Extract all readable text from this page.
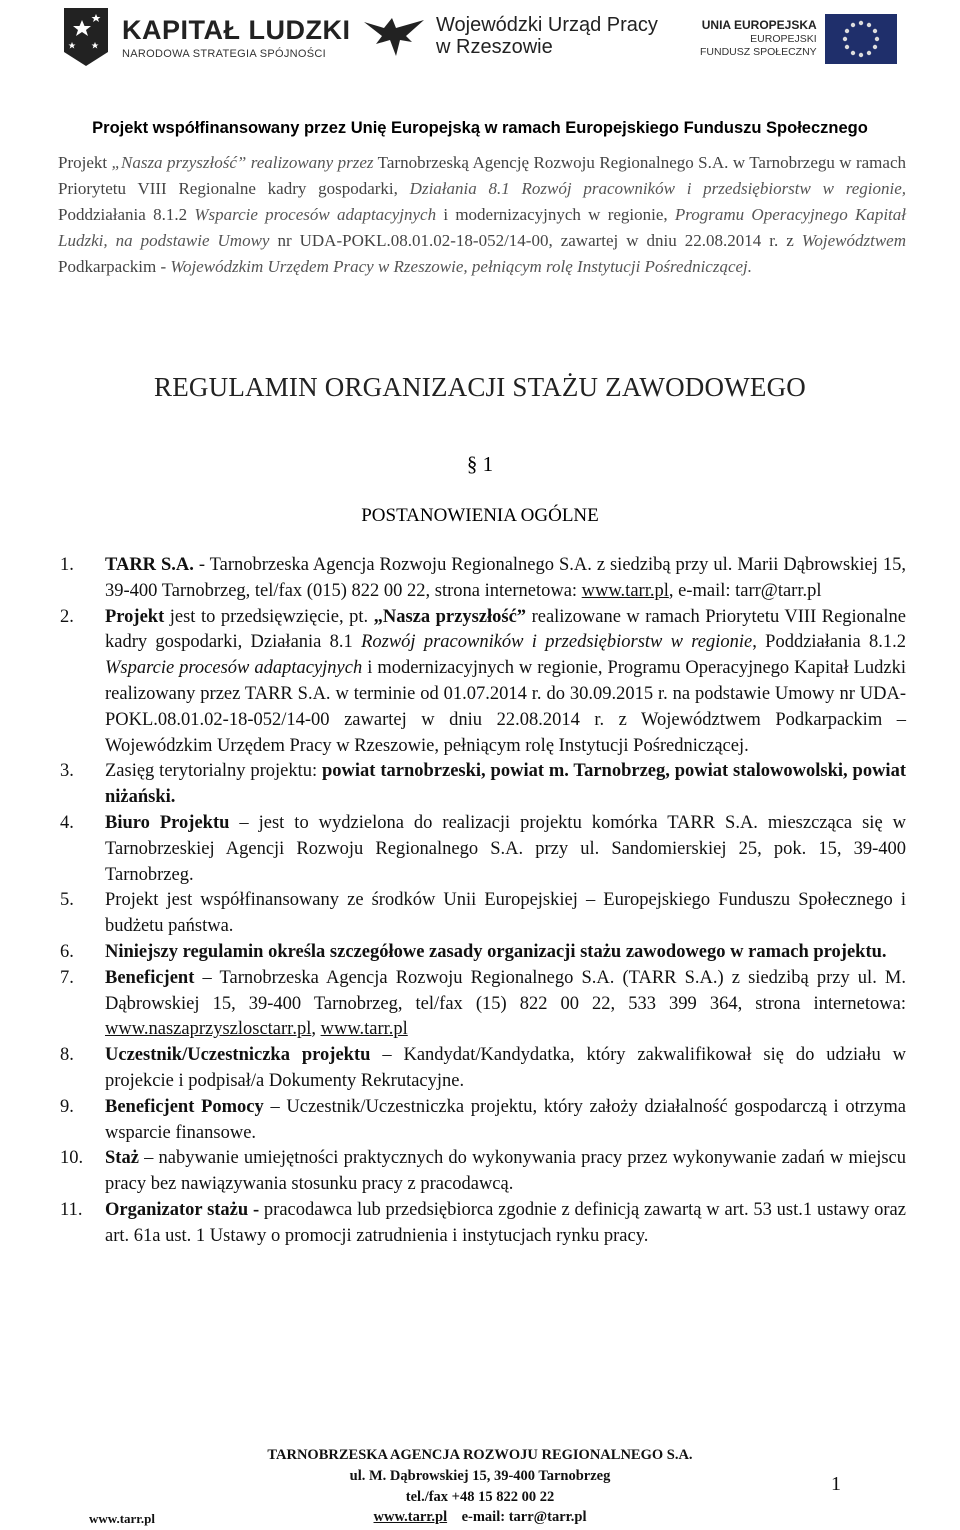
KAPITAŁ LUDZKI
NARODOWA STRATEGIA SPÓJNOŚCI
Wojewódzki Urząd Pracy
w Rzeszowie
UNIA EUROPEJSKA
EUROPEJSKI
FUNDUSZ SPOŁECZNY
Projekt współfinansowany przez Unię Europejską w ramach Europejskiego Funduszu Społecznego
Projekt „Nasza przyszłość” realizowany przez Tarnobrzeską Agencję Rozwoju Regionalnego S.A. w Tarnobrzegu w ramach Priorytetu VIII Regionalne kadry gospodarki, Działania 8.1 Rozwój pracowników i przedsiębiorstw w regionie, Poddziałania 8.1.2 Wsparcie procesów adaptacyjnych i modernizacyjnych w regionie, Programu Operacyjnego Kapitał Ludzki, na podstawie Umowy nr UDA-POKL.08.01.02-18-052/14-00, zawartej w dniu 22.08.2014 r. z Województwem Podkarpackim - Wojewódzkim Urzędem Pracy w Rzeszowie, pełniącym rolę Instytucji Pośredniczącej.
REGULAMIN ORGANIZACJI STAŻU ZAWODOWEGO
§ 1
POSTANOWIENIA OGÓLNE
1. TARR S.A. - Tarnobrzeska Agencja Rozwoju Regionalnego S.A. z siedzibą przy ul. Marii Dąbrowskiej 15, 39-400 Tarnobrzeg, tel/fax (015) 822 00 22, strona internetowa: www.tarr.pl, e-mail: tarr@tarr.pl
2. Projekt jest to przedsięwzięcie, pt. „Nasza przyszłość” realizowane w ramach Priorytetu VIII Regionalne kadry gospodarki, Działania 8.1 Rozwój pracowników i przedsiębiorstw w regionie, Poddziałania 8.1.2 Wsparcie procesów adaptacyjnych i modernizacyjnych w regionie, Programu Operacyjnego Kapitał Ludzki realizowany przez TARR S.A. w terminie od 01.07.2014 r. do 30.09.2015 r. na podstawie Umowy nr UDA-POKL.08.01.02-18-052/14-00 zawartej w dniu 22.08.2014 r. z Województwem Podkarpackim – Wojewódzkim Urzędem Pracy w Rzeszowie, pełniącym rolę Instytucji Pośredniczącej.
3. Zasięg terytorialny projektu: powiat tarnobrzeski, powiat m. Tarnobrzeg, powiat stalowowolski, powiat niżański.
4. Biuro Projektu – jest to wydzielona do realizacji projektu komórka TARR S.A. mieszcząca się w Tarnobrzeskiej Agencji Rozwoju Regionalnego S.A. przy ul. Sandomierskiej 25, pok. 15, 39-400 Tarnobrzeg.
5. Projekt jest współfinansowany ze środków Unii Europejskiej – Europejskiego Funduszu Społecznego i budżetu państwa.
6. Niniejszy regulamin określa szczegółowe zasady organizacji stażu zawodowego w ramach projektu.
7. Beneficjent – Tarnobrzeska Agencja Rozwoju Regionalnego S.A. (TARR S.A.) z siedzibą przy ul. M. Dąbrowskiej 15, 39-400 Tarnobrzeg, tel/fax (15) 822 00 22, 533 399 364, strona internetowa: www.naszaprzyszlosctarr.pl, www.tarr.pl
8. Uczestnik/Uczestniczka projektu – Kandydat/Kandydatka, który zakwalifikował się do udziału w projekcie i podpisał/a Dokumenty Rekrutacyjne.
9. Beneficjent Pomocy – Uczestnik/Uczestniczka projektu, który założy działalność gospodarczą i otrzyma wsparcie finansowe.
10. Staż – nabywanie umiejętności praktycznych do wykonywania pracy przez wykonywanie zadań w miejscu pracy bez nawiązywania stosunku pracy z pracodawcą.
11. Organizator stażu - pracodawca lub przedsiębiorca zgodnie z definicją zawartą w art. 53 ust.1 ustawy oraz art. 61a ust. 1 Ustawy o promocji zatrudnienia i instytucjach rynku pracy.
TARNOBRZESKA AGENCJA ROZWOJU REGIONALNEGO S.A.
ul. M. Dąbrowskiej 15, 39-400 Tarnobrzeg
tel./fax +48 15 822 00 22
www.tarr.pl e-mail: tarr@tarr.pl
www.tarr.pl
1
